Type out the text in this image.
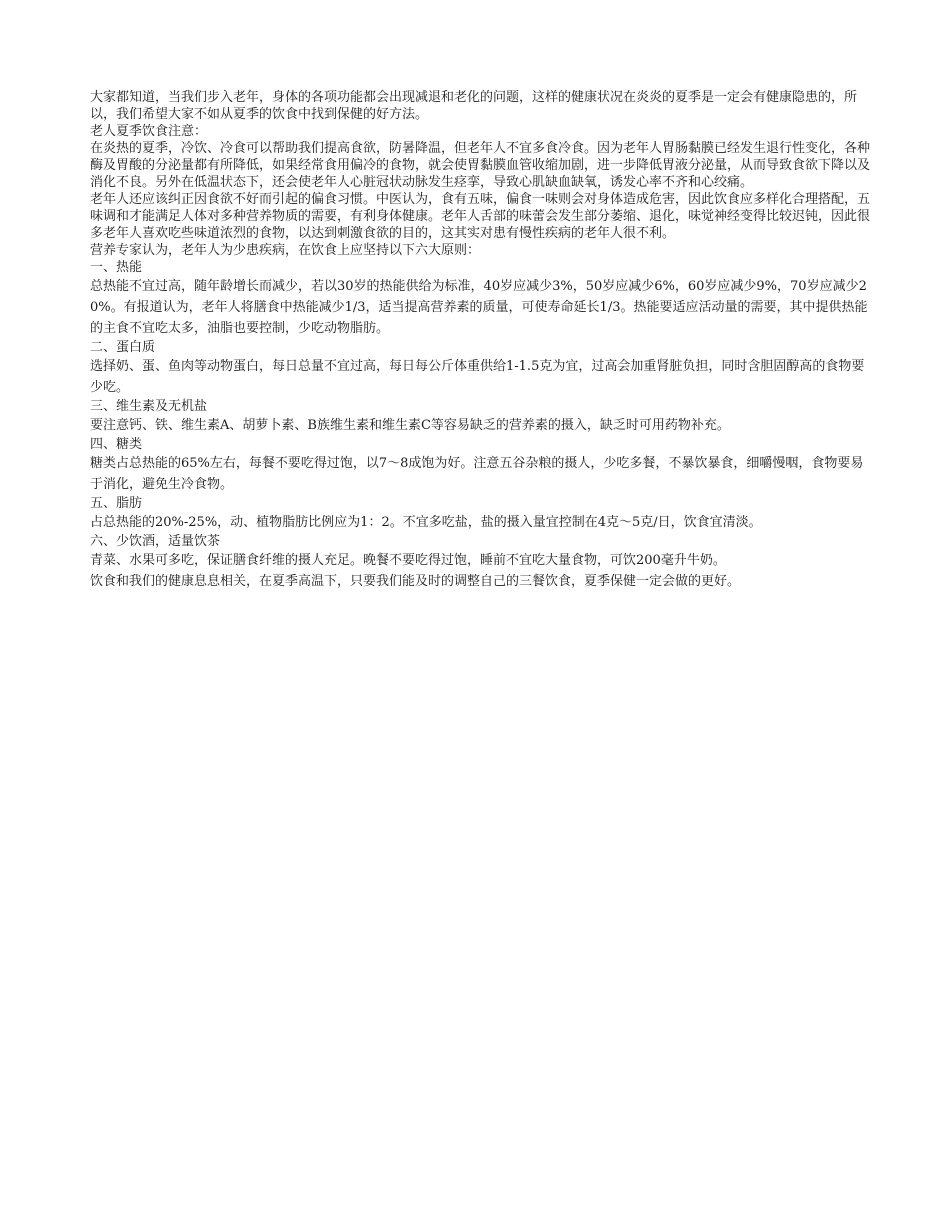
大家都知道，当我们步入老年，身体的各项功能都会出现减退和老化的问题，这样的健康状况在炎炎的夏季是一定会有健康隐患的，所以，我们希望大家不如从夏季的饮食中找到保健的好方法。

老人夏季饮食注意：

在炎热的夏季，冷饮、冷食可以帮助我们提高食欲，防暑降温，但老年人不宜多食冷食。因为老年人胃肠黏膜已经发生退行性变化，各种酶及胃酸的分泌量都有所降低，如果经常食用偏冷的食物，就会使胃黏膜血管收缩加剧，进一步降低胃液分泌量，从而导致食欲下降以及消化不良。另外在低温状态下，还会使老年人心脏冠状动脉发生痉挛，导致心肌缺血缺氧，诱发心率不齐和心绞痛。

老年人还应该纠正因食欲不好而引起的偏食习惯。中医认为，食有五味，偏食一味则会对身体造成危害，因此饮食应多样化合理搭配，五味调和才能满足人体对多种营养物质的需要，有利身体健康。老年人舌部的味蕾会发生部分萎缩、退化，味觉神经变得比较迟钝，因此很多老年人喜欢吃些味道浓烈的食物，以达到刺激食欲的目的，这其实对患有慢性疾病的老年人很不利。

营养专家认为，老年人为少患疾病，在饮食上应坚持以下六大原则：

一、热能

总热能不宜过高，随年龄增长而减少，若以30岁的热能供给为标准，40岁应减少3%，50岁应减少6%，60岁应减少9%，70岁应减少20%。有报道认为，老年人将膳食中热能减少1/3，适当提高营养素的质量，可使寿命延长1/3。热能要适应活动量的需要，其中提供热能的主食不宜吃太多，油脂也要控制，少吃动物脂肪。

二、蛋白质

选择奶、蛋、鱼肉等动物蛋白，每日总量不宜过高，每日每公斤体重供给1-1.5克为宜，过高会加重肾脏负担，同时含胆固醇高的食物要少吃。

三、维生素及无机盐

要注意钙、铁、维生素A、胡萝卜素、B族维生素和维生素C等容易缺乏的营养素的摄入，缺乏时可用药物补充。

四、糖类

糖类占总热能的65%左右，每餐不要吃得过饱，以7～8成饱为好。注意五谷杂粮的摄人，少吃多餐，不暴饮暴食，细嚼慢咽，食物要易于消化，避免生冷食物。

五、脂肪

占总热能的20%-25%，动、植物脂肪比例应为1：2。不宜多吃盐，盐的摄入量宜控制在4克～5克/日，饮食宜清淡。

六、少饮酒，适量饮茶

青菜、水果可多吃，保证膳食纤维的摄人充足。晚餐不要吃得过饱，睡前不宜吃大量食物，可饮200毫升牛奶。

饮食和我们的健康息息相关，在夏季高温下，只要我们能及时的调整自己的三餐饮食，夏季保健一定会做的更好。
